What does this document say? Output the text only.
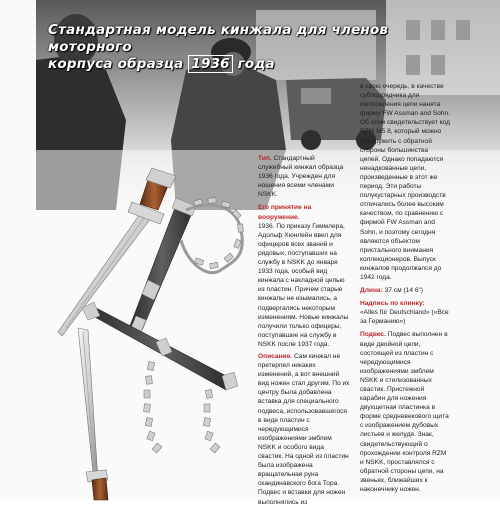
Стандартная модель кинжала для членов моторного
корпуса образца 1936 года

Тип. Стандартный служебный кинжал образца 1936 года. Учрежден для ношения всеми членами NSKK.

Его принятие на вооружение.
1936. По приказу Гиммлера, Адольф Хюнлейн ввел для офицеров всех званий и рядовых, поступавших на службу в NSKK до января 1933 года, особый вид кинжала с накладной цепью из пластин. Причем старые кинжалы не изымались, а подвергались некоторым изменениям. Новые кинжалы получили только офицеры, поступавшие на службу в NSKK после 1937 года.

Описание. Сам кинжал не претерпел никаких изменений, а вот внешний вид ножен стал другим. По их центру была добавлена вставка для специального подвеса, использовавшегося в виде пластин с чередующимися изображениями эмблем NSKK и особого вида свастик. На одной из пластин была изображена вращательная руна скандинавского бога Тора. Подвес и вставки для ножен выполнялись из

в свою очередь, в качестве субподрядчика для изготовления цепи нанята фирму FW Assman and Sohn. Об этом свидетельствует код RZM M5 8, который можно обнаружить с обратной стороны большинства цепей. Однако попадаются ненадкованные цепи, произведенные в этот же период. Эти работы полукустарных производств отличались более высоким качеством, по сравнению с фирмой FW Assman and Sohn, и поэтому сегодня являются объектом пристального внимания коллекционеров. Выпуск кинжалов продолжался до 1942 года.

Длина: 37 см (14 6")

Надпись по клинку:
«Alles für Deutschland» («Все за Германию»)

Подвес. Подвес выполнен в виде двойной цепи, состоящей из пластин с чередующимися изображениями эмблем NSKK и стилизованных свастик. Пристежной карабин для ножения двухщетная пластинка в форме средневекового щита с изображением дубовых листьев и желудя. Знак, свидетельствующий о прохождении контроля RZM и NSKK, проставлялся с обратной стороны цепи, на звеньях, ближайших к наконечнику ножен.
